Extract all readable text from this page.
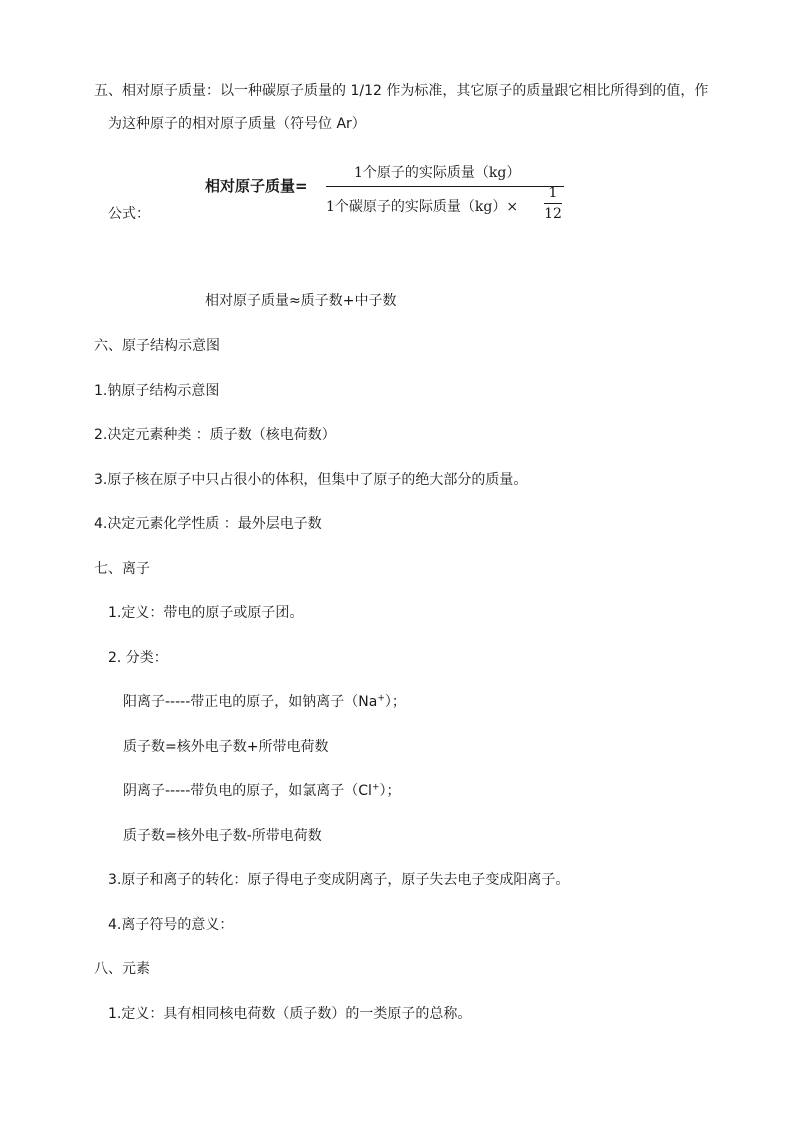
五、相对原子质量：以一种碳原子质量的 1/12 作为标准，其它原子的质量跟它相比所得到的值，作
为这种原子的相对原子质量（符号位 Ar）
公式：
相对原子质量=
1个原子的实际质量（kg）
1个碳原子的实际质量（kg）×
1
12
相对原子质量≈质子数+中子数
六、原子结构示意图
1.钠原子结构示意图
2.决定元素种类 ：质子数（核电荷数）
3.原子核在原子中只占很小的体积，但集中了原子的绝大部分的质量。
4.决定元素化学性质 ：最外层电子数
七、离子
1.定义：带电的原子或原子团。
2. 分类：
阳离子-----带正电的原子，如钠离子（Na+）；
质子数=核外电子数+所带电荷数
阴离子-----带负电的原子，如氯离子（Cl+）；
质子数=核外电子数-所带电荷数
3.原子和离子的转化：原子得电子变成阴离子，原子失去电子变成阳离子。
4.离子符号的意义：
八、元素
1.定义：具有相同核电荷数（质子数）的一类原子的总称。
